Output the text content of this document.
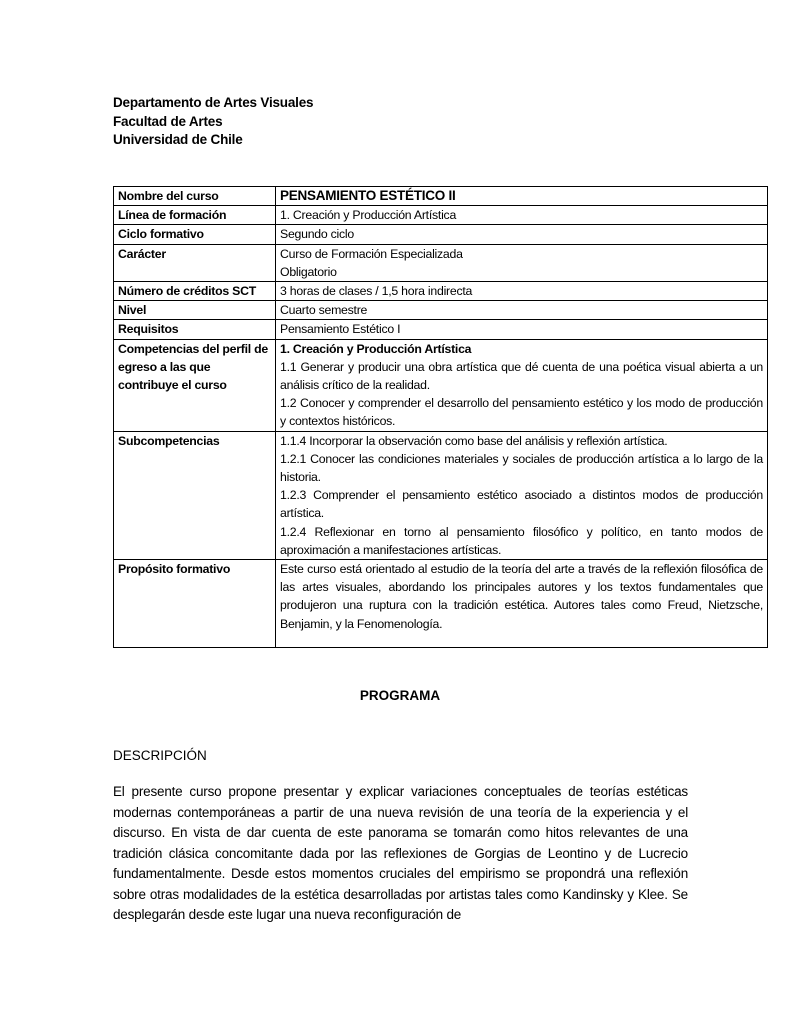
Departamento de Artes Visuales
Facultad de Artes
Universidad de Chile
Nombre del curso	PENSAMIENTO ESTÉTICO II
Línea de formación	1. Creación y Producción Artística
Ciclo formativo	Segundo ciclo
Carácter	Curso de Formación Especializada
Obligatorio

Número de créditos SCT	3 horas de clases / 1,5 hora indirecta
Nivel	Cuarto semestre
Requisitos	Pensamiento Estético I
Competencias del perfil de egreso a las que contribuye el curso	1. Creación y Producción Artística
1.1 Generar y producir una obra artística que dé cuenta de una poética visual abierta a un análisis crítico de la realidad.
1.2 Conocer y comprender el desarrollo del pensamiento estético y los modo de producción y contextos históricos.

Subcompetencias	1.1.4 Incorporar la observación como base del análisis y reflexión artística.
1.2.1 Conocer las condiciones materiales y sociales de producción artística a lo largo de la historia.
1.2.3 Comprender el pensamiento estético asociado a distintos modos de producción artística.
1.2.4 Reflexionar en torno al pensamiento filosófico y político, en tanto modos de aproximación a manifestaciones artísticas.

Propósito formativo	Este curso está orientado al estudio de la teoría del arte a través de la reflexión filosófica de las artes visuales, abordando los principales autores y los textos fundamentales que produjeron una ruptura con la tradición estética. Autores tales como Freud, Nietzsche, Benjamin, y la Fenomenología.
PROGRAMA
DESCRIPCIÓN
El presente curso propone presentar y explicar variaciones conceptuales de teorías estéticas modernas contemporáneas a partir de una nueva revisión de una teoría de la experiencia y el discurso. En vista de dar cuenta de este panorama se tomarán como hitos relevantes de una tradición clásica concomitante dada por las reflexiones de Gorgias de Leontino y de Lucrecio fundamentalmente. Desde estos momentos cruciales del empirismo se propondrá una reflexión sobre otras modalidades de la estética desarrolladas por artistas tales como Kandinsky y Klee. Se desplegarán desde este lugar una nueva reconfiguración de
